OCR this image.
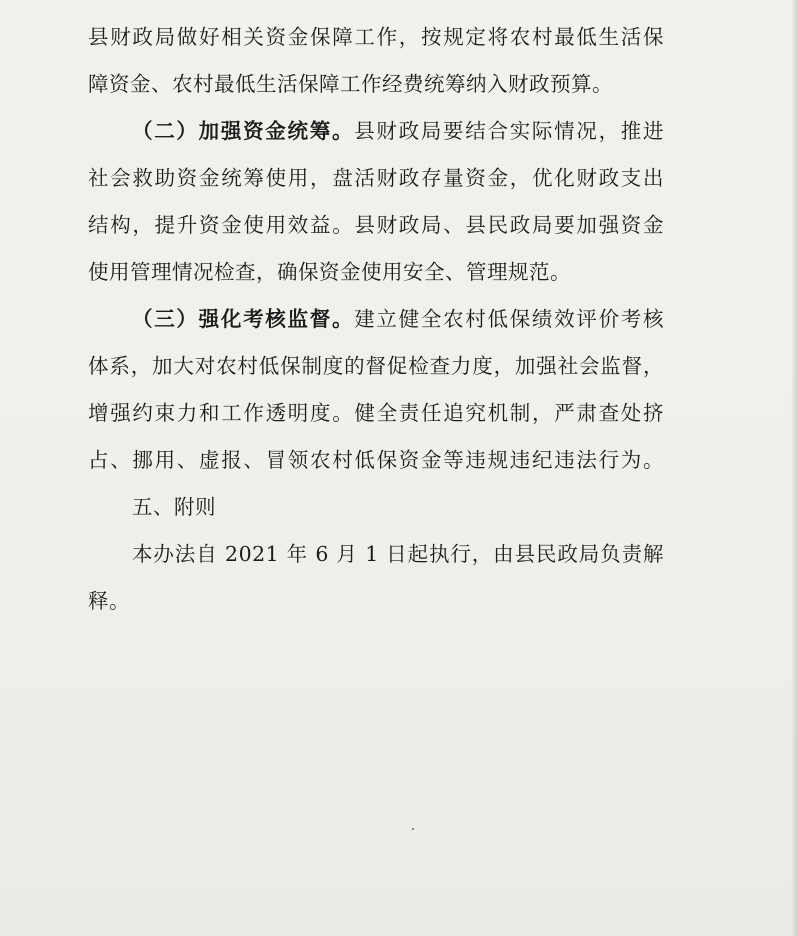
县财政局做好相关资金保障工作，按规定将农村最低生活保
障资金、农村最低生活保障工作经费统筹纳入财政预算。
（二）加强资金统筹。县财政局要结合实际情况，推进
社会救助资金统筹使用，盘活财政存量资金，优化财政支出
结构，提升资金使用效益。县财政局、县民政局要加强资金
使用管理情况检查，确保资金使用安全、管理规范。
（三）强化考核监督。建立健全农村低保绩效评价考核
体系，加大对农村低保制度的督促检查力度，加强社会监督，
增强约束力和工作透明度。健全责任追究机制，严肃查处挤
占、挪用、虚报、冒领农村低保资金等违规违纪违法行为。
五、附则
本办法自 2021 年 6 月 1 日起执行，由县民政局负责解
释。
